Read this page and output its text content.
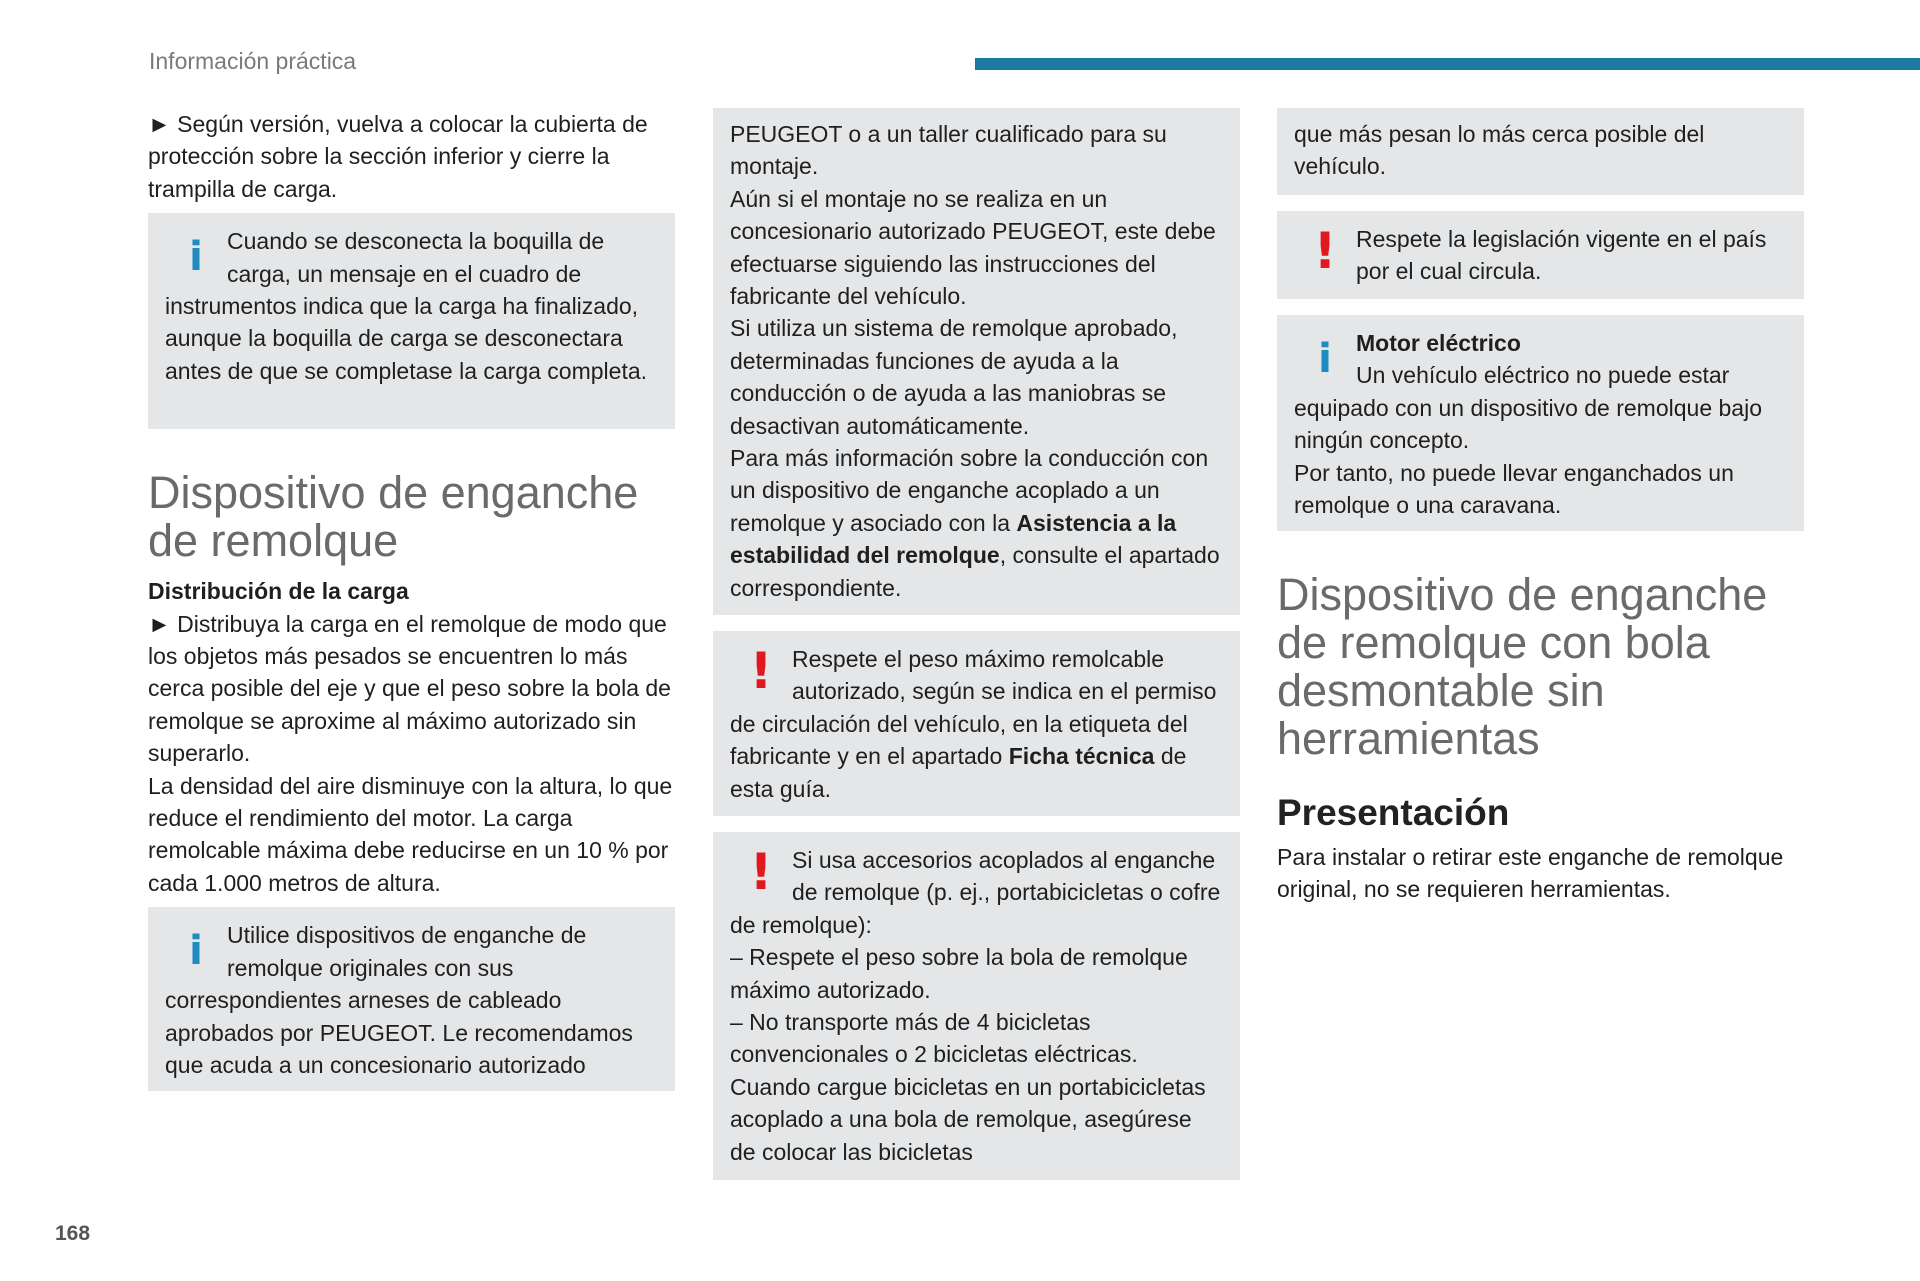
Información práctica

► Según versión, vuelva a colocar la cubierta de protección sobre la sección inferior y cierre la trampilla de carga.

i	Cuando se desconecta la boquilla de carga, un mensaje en el cuadro de instrumentos indica que la carga ha finalizado, aunque la boquilla de carga se desconectara antes de que se completase la carga completa.

Dispositivo de enganche de remolque

Distribución de la carga

► Distribuya la carga en el remolque de modo que los objetos más pesados se encuentren lo más cerca posible del eje y que el peso sobre la bola de remolque se aproxime al máximo autorizado sin superarlo.

La densidad del aire disminuye con la altura, lo que reduce el rendimiento del motor. La carga remolcable máxima debe reducirse en un 10 % por cada 1.000 metros de altura.

i	Utilice dispositivos de enganche de remolque originales con sus correspondientes arneses de cableado aprobados por PEUGEOT. Le recomendamos que acuda a un concesionario autorizado

PEUGEOT o a un taller cualificado para su montaje.

Aún si el montaje no se realiza en un concesionario autorizado PEUGEOT, este debe efectuarse siguiendo las instrucciones del fabricante del vehículo.

Si utiliza un sistema de remolque aprobado, determinadas funciones de ayuda a la conducción o de ayuda a las maniobras se desactivan automáticamente.

Para más información sobre la conducción con un dispositivo de enganche acoplado a un remolque y asociado con la Asistencia a la estabilidad del remolque, consulte el apartado correspondiente.

! Respete el peso máximo remolcable autorizado, según se indica en el permiso de circulación del vehículo, en la etiqueta del fabricante y en el apartado Ficha técnica de esta guía.

! Si usa accesorios acoplados al enganche de remolque (p. ej., portabicicletas o cofre de remolque):

– Respete el peso sobre la bola de remolque máximo autorizado.

– No transporte más de 4 bicicletas convencionales o 2 bicicletas eléctricas.

Cuando cargue bicicletas en un portabicicletas acoplado a una bola de remolque, asegúrese de colocar las bicicletas

que más pesan lo más cerca posible del vehículo.

! Respete la legislación vigente en el país por el cual circula.

i	Motor eléctrico

Un vehículo eléctrico no puede estar equipado con un dispositivo de remolque bajo ningún concepto.

Por tanto, no puede llevar enganchados un remolque o una caravana.

Dispositivo de enganche de remolque con bola desmontable sin herramientas
Presentación

Para instalar o retirar este enganche de remolque original, no se requieren herramientas.

168
